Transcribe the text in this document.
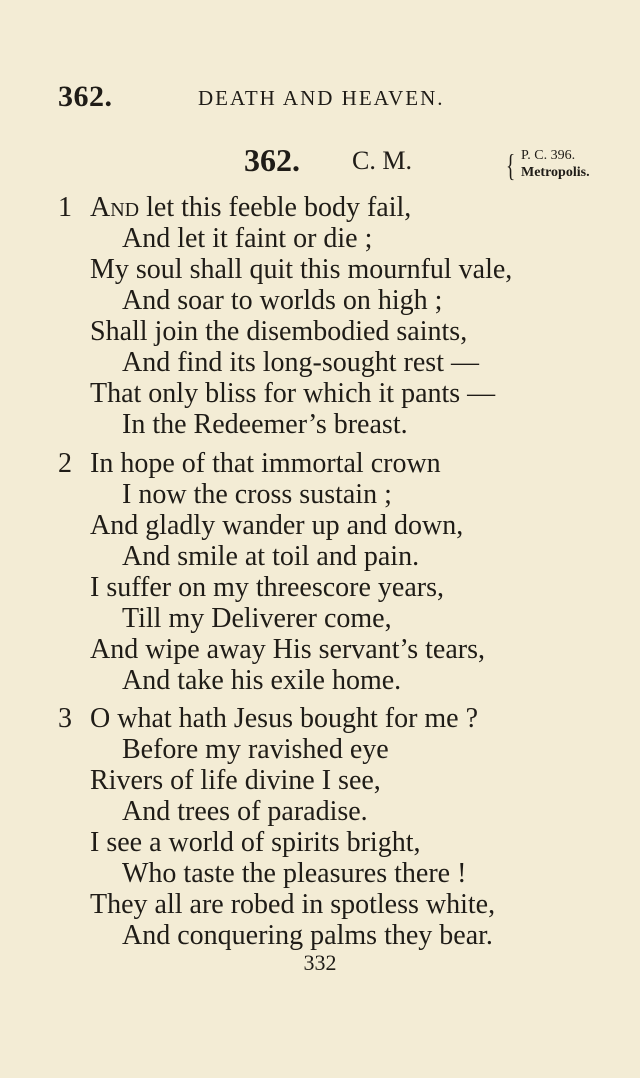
362.	DEATH AND HEAVEN.
362. C. M.	{ P. C. 396.
Metropolis.
1 And let this feeble body fail,
And let it faint or die ;
My soul shall quit this mournful vale,
And soar to worlds on high ;
Shall join the disembodied saints,
And find its long-sought rest —
That only bliss for which it pants —
In the Redeemer’s breast.
2 In hope of that immortal crown
I now the cross sustain ;
And gladly wander up and down,
And smile at toil and pain.
I suffer on my threescore years,
Till my Deliverer come,
And wipe away His servant’s tears,
And take his exile home.
3 O what hath Jesus bought for me ?
Before my ravished eye
Rivers of life divine I see,
And trees of paradise.
I see a world of spirits bright,
Who taste the pleasures there !
They all are robed in spotless white,
And conquering palms they bear.
332
